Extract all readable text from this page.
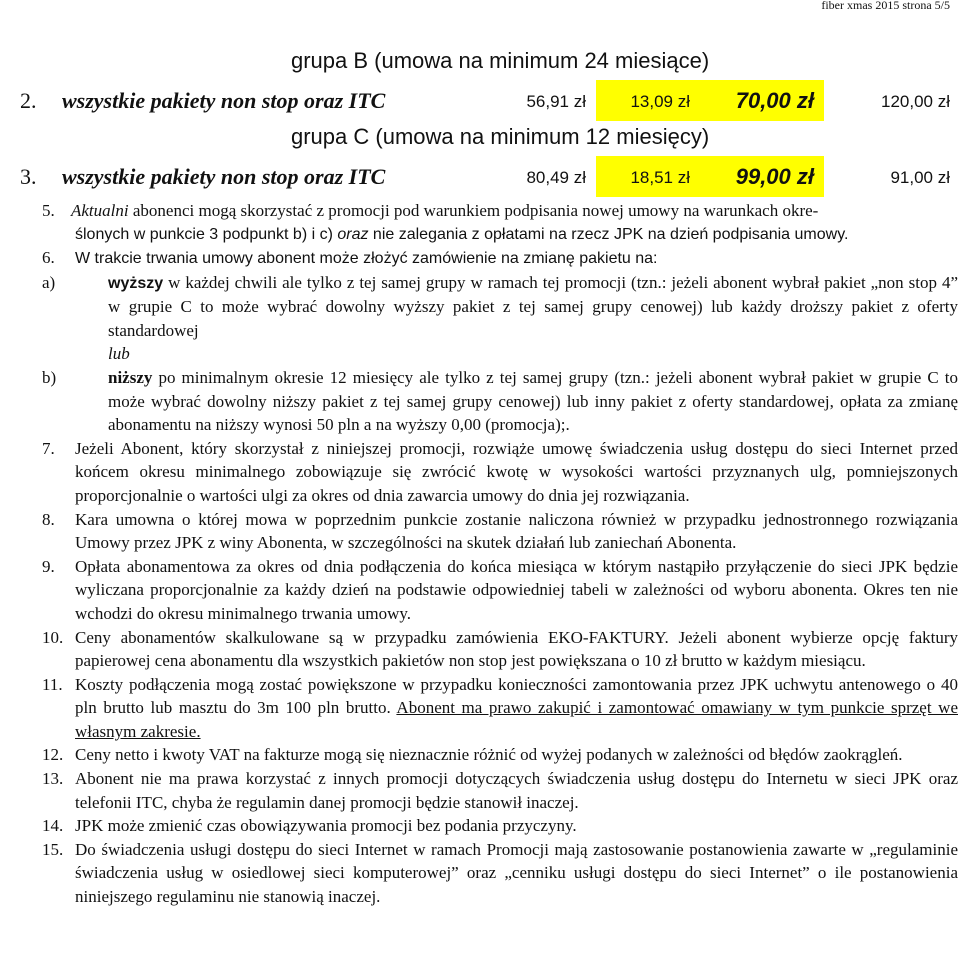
fiber xmas 2015 strona 5/5
grupa B (umowa na minimum 24 miesiące)
2. wszystkie pakiety non stop oraz ITC	56,91 zł	13,09 zł	70,00 zł	120,00 zł
grupa C (umowa na minimum 12 miesięcy)
3. wszystkie pakiety non stop oraz ITC	80,49 zł	18,51 zł	99,00 zł	91,00 zł
5. Aktualni abonenci mogą skorzystać z promocji pod warunkiem podpisania nowej umowy na warunkach okre-
ślonych w punkcie 3 podpunkt b) i c) oraz nie zalegania z opłatami na rzecz JPK na dzień podpisania umowy.
6. W trakcie trwania umowy abonent może złożyć zamówienie na zmianę pakietu na:
a)	wyższy w każdej chwili ale tylko z tej samej grupy w ramach tej promocji (tzn.: jeżeli abonent wybrał pakiet „non stop 4” w grupie C to może wybrać dowolny wyższy pakiet z tej samej grupy cenowej) lub każdy droższy pakiet z oferty standardowej
lub
b)	niższy po minimalnym okresie 12 miesięcy ale tylko z tej samej grupy (tzn.: jeżeli abonent wybrał pakiet w grupie C to może wybrać dowolny niższy pakiet z tej samej grupy cenowej) lub inny pakiet z oferty standardowej, opłata za zmianę abonamentu na niższy wynosi 50 pln a na wyższy 0,00 (promocja);.
7. Jeżeli Abonent, który skorzystał z niniejszej promocji, rozwiąże umowę świadczenia usług dostępu do sieci Internet przed końcem okresu minimalnego zobowiązuje się zwrócić kwotę w wysokości wartości przyznanych ulg, pomniejszonych proporcjonalnie o wartości ulgi za okres od dnia zawarcia umowy do dnia jej rozwiązania.
8. Kara umowna o której mowa w poprzednim punkcie zostanie naliczona również w przypadku jednostronnego rozwiązania Umowy przez JPK z winy Abonenta, w szczególności na skutek działań lub zaniechań Abonenta.
9. Opłata abonamentowa za okres od dnia podłączenia do końca miesiąca w którym nastąpiło przyłączenie do sieci JPK będzie wyliczana proporcjonalnie za każdy dzień na podstawie odpowiedniej tabeli w zależności od wyboru abonenta. Okres ten nie wchodzi do okresu minimalnego trwania umowy.
10. Ceny abonamentów skalkulowane są w przypadku zamówienia EKO-FAKTURY. Jeżeli abonent wybierze opcję faktury papierowej cena abonamentu dla wszystkich pakietów non stop jest powiększana o 10 zł brutto w każdym miesiącu.
11. Koszty podłączenia mogą zostać powiększone w przypadku konieczności zamontowania przez JPK uchwytu antenowego o 40 pln brutto lub masztu do 3m 100 pln brutto. Abonent ma prawo zakupić i zamontować omawiany w tym punkcie sprzęt we własnym zakresie.
12. Ceny netto i kwoty VAT na fakturze mogą się nieznacznie różnić od wyżej podanych w zależności od błędów zaokrągleń.
13. Abonent nie ma prawa korzystać z innych promocji dotyczących świadczenia usług dostępu do Internetu w sieci JPK oraz telefonii ITC, chyba że regulamin danej promocji będzie stanowił inaczej.
14. JPK może zmienić czas obowiązywania promocji bez podania przyczyny.
15. Do świadczenia usługi dostępu do sieci Internet w ramach Promocji mają zastosowanie postanowienia zawarte w „regulaminie świadczenia usług w osiedlowej sieci komputerowej” oraz „cenniku usługi dostępu do sieci Internet” o ile postanowienia niniejszego regulaminu nie stanowią inaczej.
